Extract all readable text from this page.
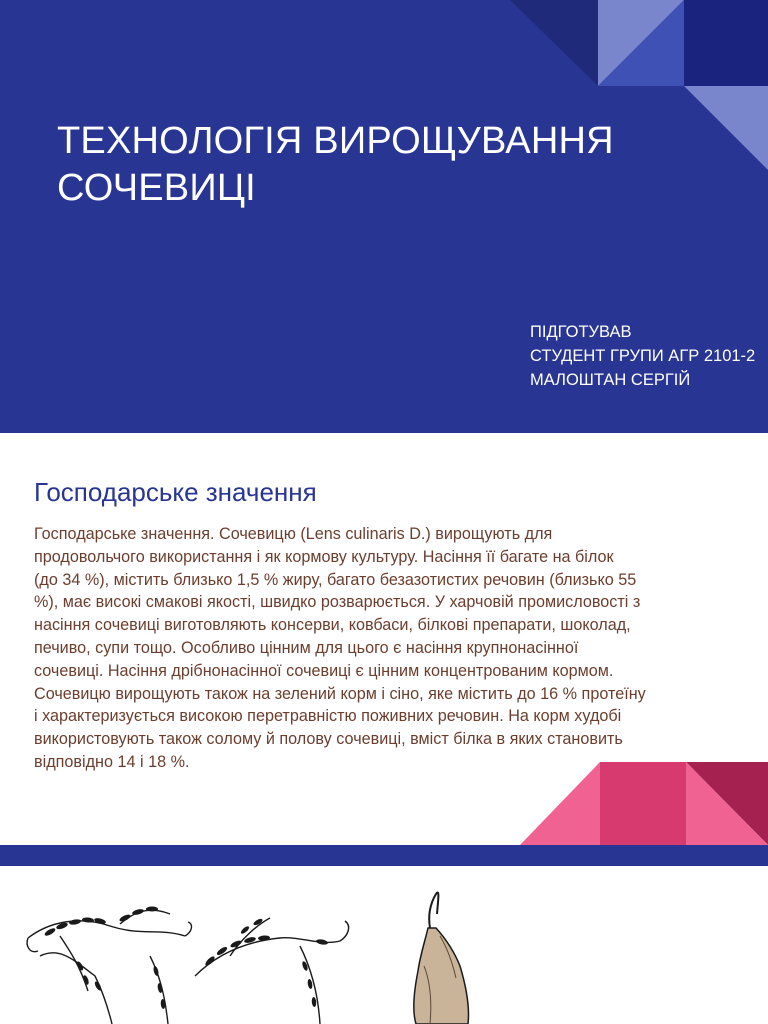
ТЕХНОЛОГІЯ ВИРОЩУВАННЯ
СОЧЕВИЦІ
ПІДГОТУВАВ
СТУДЕНТ ГРУПИ АГР 2101-2
МАЛОШТАН СЕРГІЙ
Господарське значення

Господарське значення. Сочевицю (Lens culinaris D.) вирощують для
продовольчого використання і як кормову культуру. Насіння її багате на білок
(до 34 %), містить близько 1,5 % жиру, багато безазотистих речовин (близько 55
%), має високі смакові якості, швидко розварюється. У харчовій промисловості з
насіння сочевиці виготовляють консерви, ковбаси, білкові препарати, шоколад,
печиво, супи тощо. Особливо цінним для цього є насіння крупнонасінної
сочевиці. Насіння дрібнонасінної сочевиці є цінним концентрованим кормом.
Сочевицю вирощують також на зелений корм і сіно, яке містить до 16 % протеїну
і характеризується високою перетравністю поживних речовин. На корм худобі
використовують також солому й полову сочевиці, вміст білка в яких становить
відповідно 14 і 18 %.
